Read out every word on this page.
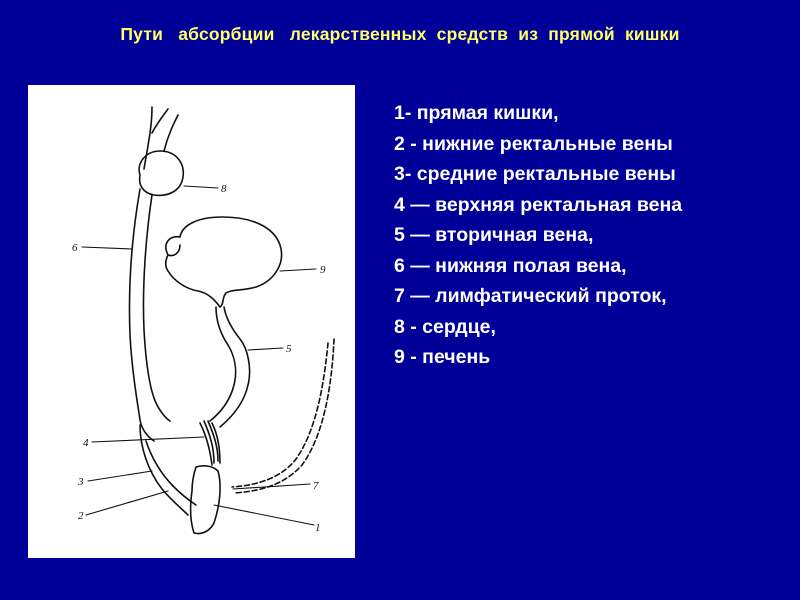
Пути   абсорбции   лекарственных  средств  из  прямой  кишки
8
6
9
5
4
3
2
7
1
1- прямая кишки,
2 - нижние ректальные вены
3- средние ректальные вены
4 — верхняя ректальная вена
5 — вторичная вена,
6 — нижняя полая вена,
7 — лимфатический проток,
8 - сердце,
9 - печень
